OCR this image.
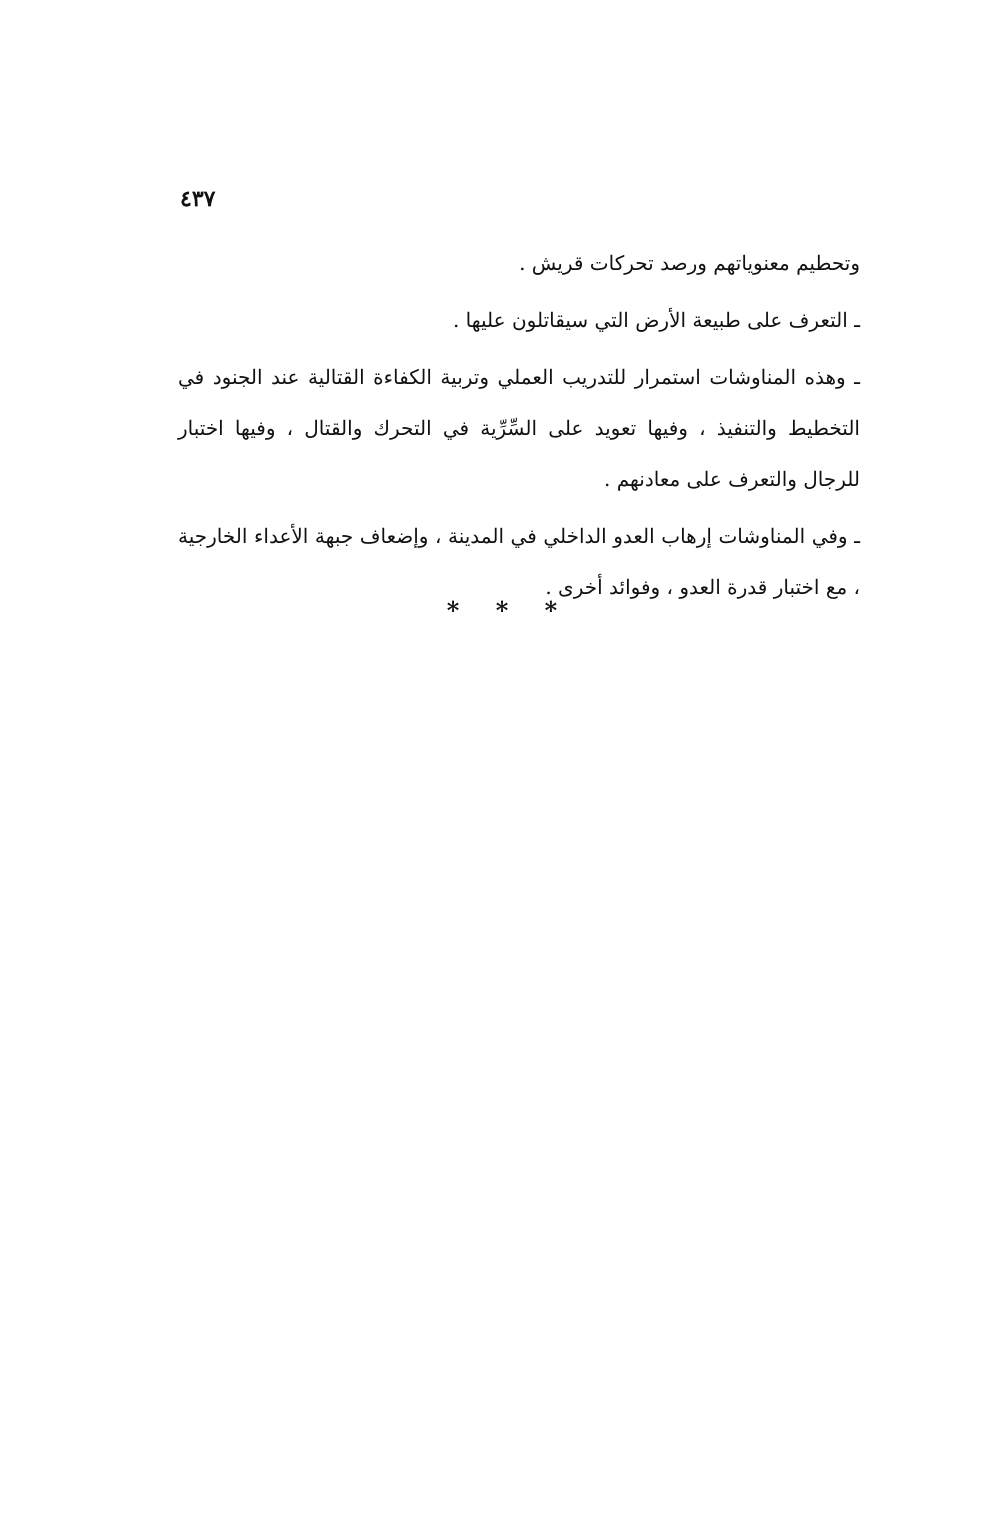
٤٣٧

وتحطيم معنوياتهم ورصد تحركات قريش .

ـ التعرف على طبيعة الأرض التي سيقاتلون عليها .

ـ وهذه المناوشات استمرار للتدريب العملي وتربية الكفاءة القتالية عند الجنود في التخطيط والتنفيذ ، وفيها تعويد على السِّرِّية في التحرك والقتال ، وفيها اختبار للرجال والتعرف على معادنهم .

ـ وفي المناوشات إرهاب العدو الداخلي في المدينة ، وإضعاف جبهة الأعداء الخارجية ، مع اختبار قدرة العدو ، وفوائد أخرى .

* * *
